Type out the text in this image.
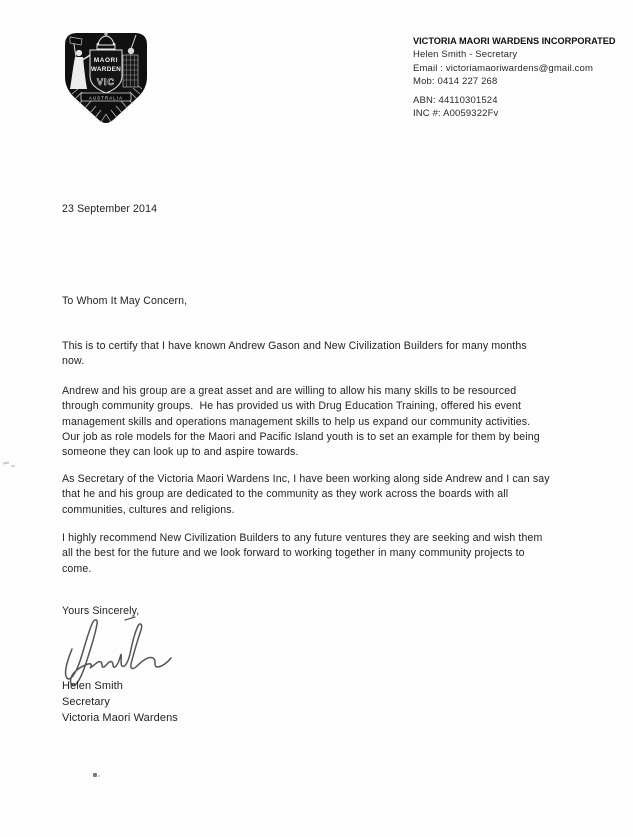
MAORI
WARDEN
VIC
AUSTRALIA
VICTORIA MAORI WARDENS INCORPORATED
Helen Smith - Secretary
Email : victoriamaoriwardens@gmail.com
Mob: 0414 227 268
ABN: 44110301524
INC #: A0059322Fv
23 September 2014
To Whom It May Concern,
This is to certify that I have known Andrew Gason and New Civilization Builders for many months
now.
Andrew and his group are a great asset and are willing to allow his many skills to be resourced
through community groups.  He has provided us with Drug Education Training, offered his event
management skills and operations management skills to help us expand our community activities.
Our job as role models for the Maori and Pacific Island youth is to set an example for them by being
someone they can look up to and aspire towards.
As Secretary of the Victoria Maori Wardens Inc, I have been working along side Andrew and I can say
that he and his group are dedicated to the community as they work across the boards with all
communities, cultures and religions.
I highly recommend New Civilization Builders to any future ventures they are seeking and wish them
all the best for the future and we look forward to working together in many community projects to
come.
Yours Sincerely,
Helen Smith
Secretary
Victoria Maori Wardens
